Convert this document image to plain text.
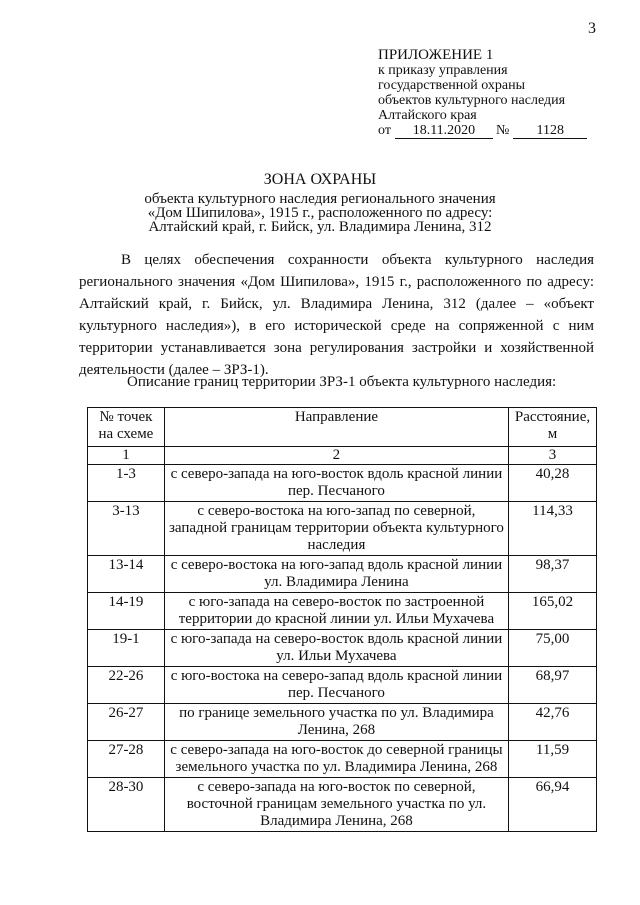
3
ПРИЛОЖЕНИЕ 1
к приказу управления
государственной охраны
объектов культурного наследия
Алтайского края
от	18.11.2020	№	1128
ЗОНА ОХРАНЫ
объекта культурного наследия регионального значения
«Дом Шипилова», 1915 г., расположенного по адресу:
Алтайский край, г. Бийск, ул. Владимира Ленина, 312

В целях обеспечения сохранности объекта культурного наследия регионального значения «Дом Шипилова», 1915 г., расположенного по адресу: Алтайский край, г. Бийск, ул. Владимира Ленина, 312 (далее – «объект культурного наследия»), в его исторической среде на сопряженной с ним территории устанавливается зона регулирования застройки и хозяйственной деятельности (далее – ЗРЗ-1).

Описание границ территории ЗРЗ-1 объекта культурного наследия:
№ точек на схеме	Направление	Расстояние, м
1	2	3
1-3	с северо-запада на юго-восток вдоль красной линии пер. Песчаного	40,28
3-13	с северо-востока на юго-запад по северной, западной границам территории объекта культурного наследия	114,33
13-14	с северо-востока на юго-запад вдоль красной линии ул. Владимира Ленина	98,37
14-19	с юго-запада на северо-восток по застроенной территории до красной линии ул. Ильи Мухачева	165,02
19-1	с юго-запада на северо-восток вдоль красной линии ул. Ильи Мухачева	75,00
22-26	с юго-востока на северо-запад вдоль красной линии пер. Песчаного	68,97
26-27	по границе земельного участка по ул. Владимира Ленина, 268	42,76
27-28	с северо-запада на юго-восток до северной границы земельного участка по ул. Владимира Ленина, 268	11,59
28-30	с северо-запада на юго-восток по северной, восточной границам земельного участка по ул. Владимира Ленина, 268	66,94
